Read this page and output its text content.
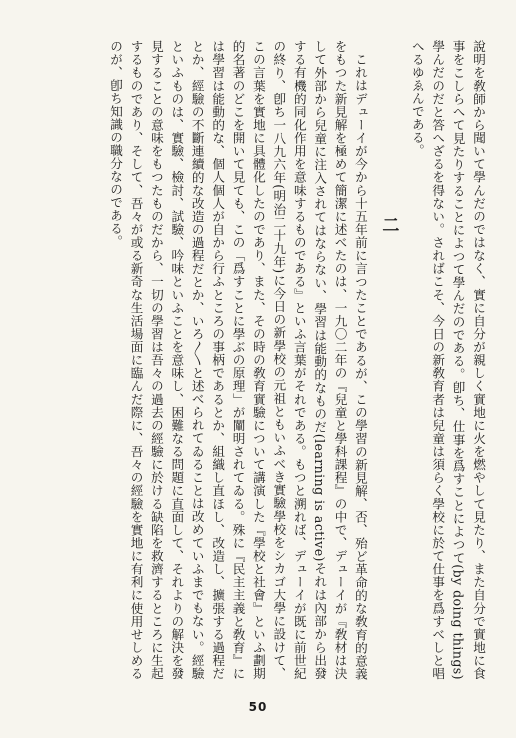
說明を敎師から聞いて學んだのではなく、實に自分が親しく實地に火を燃やして見たり、また自分で實地に食事をこしらへて見たりすることによつて學んだのである。卽ち、仕事を爲すことによつて(by doing things)學んだのだと答へざるを得ない。さればこそ、今日の新敎育者は兒童は須らく學校に於て仕事を爲すべしと唱へるゆゑんである。

二

これはデューイが今から十五年前に言つたことであるが、この學習の新見解、否、殆ど革命的な敎育的意義をもつた新見解を極めて簡潔に述べたのは、一九〇二年の『兒童と學科課程』の中で、デューイが『敎材は決して外部から兒童に注入されてはならない、學習は能動的なものだ(learning is active)それは內部から出發する有機的同化作用を意味するものである』といふ言葉がそれである。もつと溯れば、デューイが既に前世紀の終り、卽ち一八九六年(明治二十九年)に今日の新學校の元祖ともいふべき實驗學校をシカゴ大學に設けて、この言葉を實地に具體化したのであり、また、その時の敎育實驗について講演した『學校と社會』といふ劃期的名著のどこを開いて見ても、この「爲すことに學ぶの原理」が闡明されてゐる。殊に『民主主義と敎育』には學習は能動的な、個人個人が自から行ふところの事柄であるとか、組織し直ほし、改造し、擴張する過程だとか、經驗の不斷連續的な改造の過程だとか、いろ〳〵と述べられてゐることは改めていふまでもない。經驗といふものは、實驗、檢討、試驗、吟味といふことを意味し、困難なる問題に直面して、それよりの解決を發見することの意味をもつたものだから、一切の學習は吾々の過去の經驗に於ける缺陷を救濟するところに生起するものであり、そして、吾々が或る新奇な生活場面に臨んだ際に、吾々の經驗を實地に有利に使用せしめるのが、卽ち知識の職分なのである。

50
